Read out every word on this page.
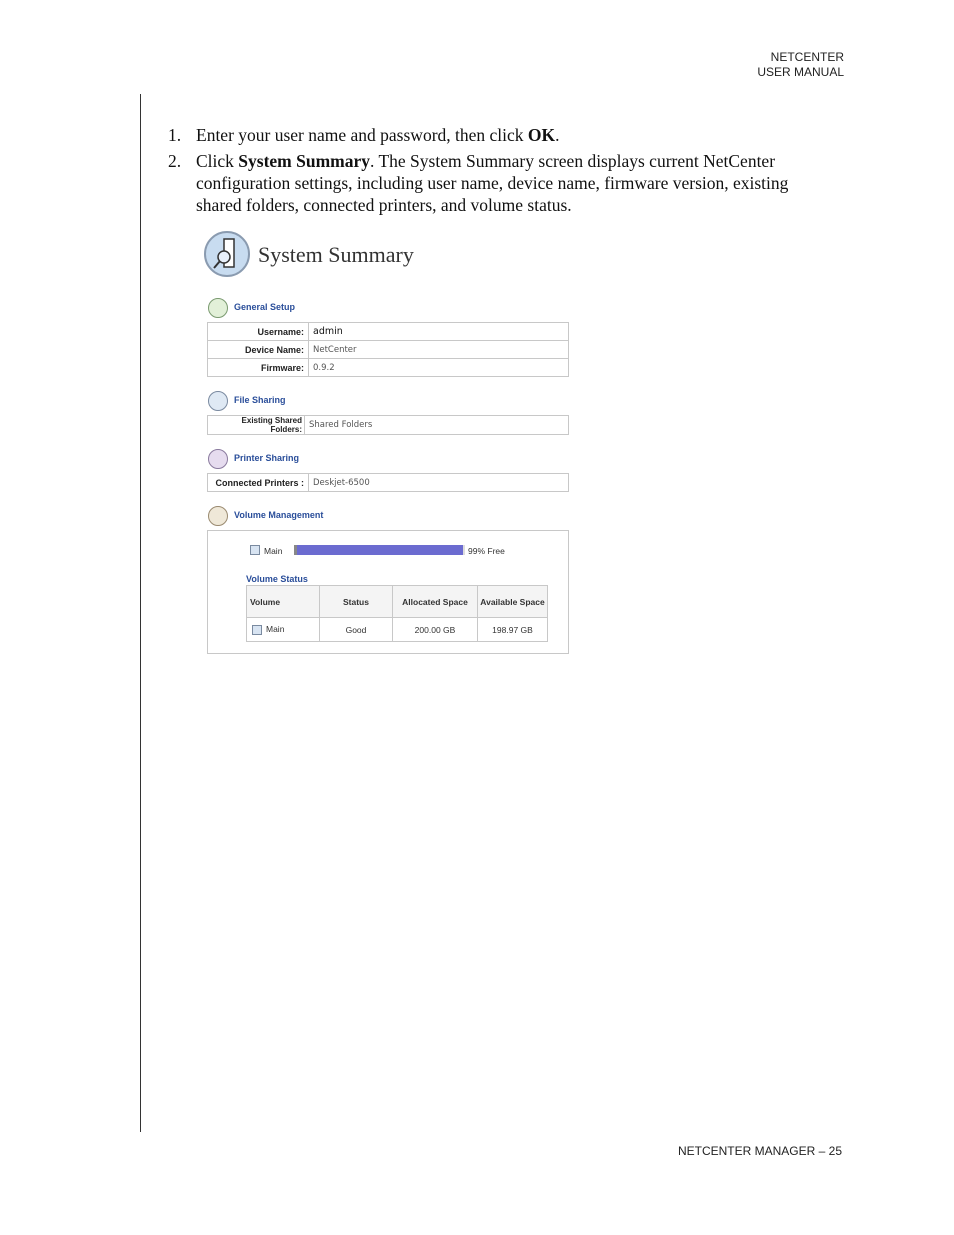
NETCENTER
USER MANUAL
1. Enter your user name and password, then click OK.
2. Click System Summary. The System Summary screen displays current NetCenter configuration settings, including user name, device name, firmware version, existing shared folders, connected printers, and volume status.
System Summary
General Setup
Username:	admin
Device Name:	NetCenter
Firmware:	0.9.2
File Sharing
Existing Shared Folders:	Shared Folders
Printer Sharing
Connected Printers :	Deskjet-6500
Volume Management
Main	99% Free
Volume Status
Volume	Status	Allocated Space	Available Space
Main	Good	200.00 GB	198.97 GB
NETCENTER MANAGER – 25
